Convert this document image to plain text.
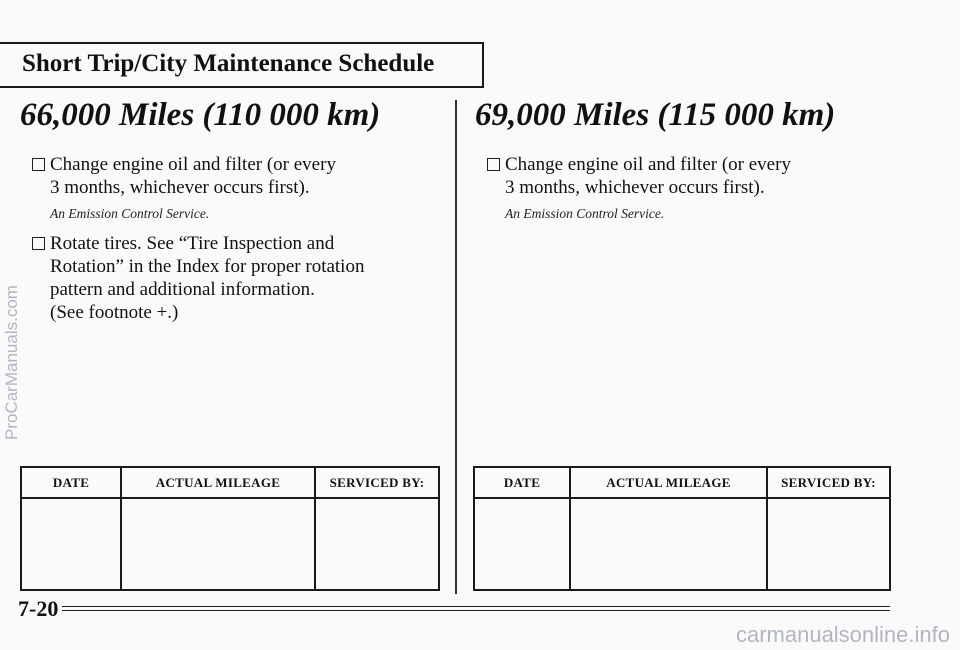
Short Trip/City Maintenance Schedule
66,000 Miles (110 000 km)
Change engine oil and filter (or every
3 months, whichever occurs first).
An Emission Control Service.
Rotate tires. See “Tire Inspection and
Rotation” in the Index for proper rotation
pattern and additional information.
(See footnote +.)
69,000 Miles (115 000 km)
Change engine oil and filter (or every
3 months, whichever occurs first).
An Emission Control Service.
DATE	ACTUAL MILEAGE	SERVICED BY:	DATE	ACTUAL MILEAGE	SERVICED BY:
7-20
ProCarManuals.com
carmanualsonline.info
